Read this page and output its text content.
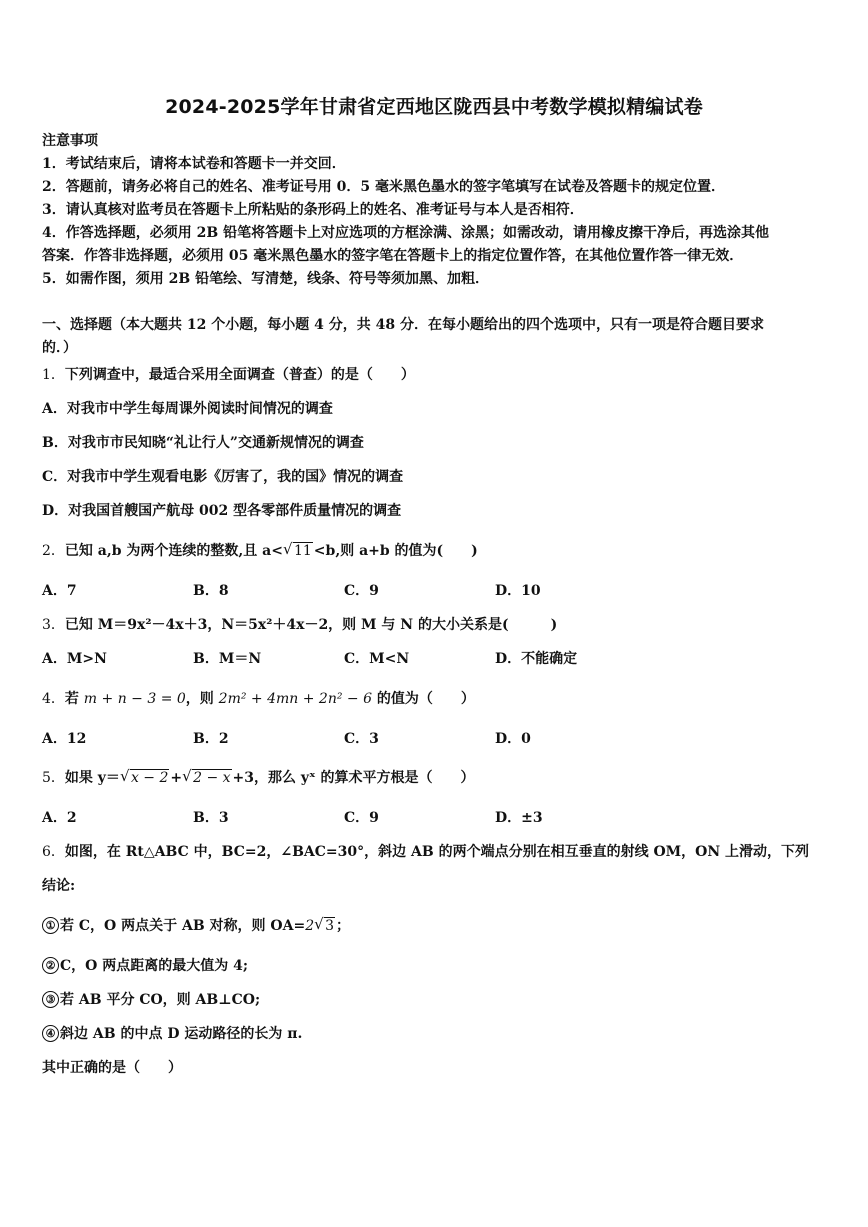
2024-2025学年甘肃省定西地区陇西县中考数学模拟精编试卷
注意事项
1．考试结束后，请将本试卷和答题卡一并交回．
2．答题前，请务必将自己的姓名、准考证号用 0．5 毫米黑色墨水的签字笔填写在试卷及答题卡的规定位置．
3．请认真核对监考员在答题卡上所粘贴的条形码上的姓名、准考证号与本人是否相符．
4．作答选择题，必须用 2B 铅笔将答题卡上对应选项的方框涂满、涂黑；如需改动，请用橡皮擦干净后，再选涂其他
答案．作答非选择题，必须用 05 毫米黑色墨水的签字笔在答题卡上的指定位置作答，在其他位置作答一律无效．
5．如需作图，须用 2B 铅笔绘、写清楚，线条、符号等须加黑、加粗．
一、选择题（本大题共 12 个小题，每小题 4 分，共 48 分．在每小题给出的四个选项中，只有一项是符合题目要求
的．）
1．下列调查中，最适合采用全面调查（普查）的是（　　）
A．对我市中学生每周课外阅读时间情况的调查
B．对我市市民知晓“礼让行人”交通新规情况的调查
C．对我市中学生观看电影《厉害了，我的国》情况的调查
D．对我国首艘国产航母 002 型各零部件质量情况的调查
2．已知 a,b 为两个连续的整数,且 a< √ 11 <b,则 a+b 的值为(　　)
A．7	B．8	C．9	D．10
3．已知 M＝9x²－4x＋3，N＝5x²＋4x－2，则 M 与 N 的大小关系是(　　　)
A．M>N	B．M＝N	C．M<N	D．不能确定
4．若 m + n − 3 = 0，则 2m² + 4mn + 2n² − 6 的值为（　　）
A．12	B．2	C．3	D．0
5．如果 y＝ √ x − 2 + √ 2 − x +3，那么 yˣ 的算术平方根是（　　）
A．2	B．3	C．9	D．±3
6．如图，在 Rt△ABC 中，BC=2，∠BAC=30°，斜边 AB 的两个端点分别在相互垂直的射线 OM，ON 上滑动，下列
结论:
① 若 C，O 两点关于 AB 对称，则 OA=2 √ 3 ；
② C，O 两点距离的最大值为 4;
③ 若 AB 平分 CO，则 AB⊥CO;
④ 斜边 AB 的中点 D 运动路径的长为 π.
其中正确的是（　　）
